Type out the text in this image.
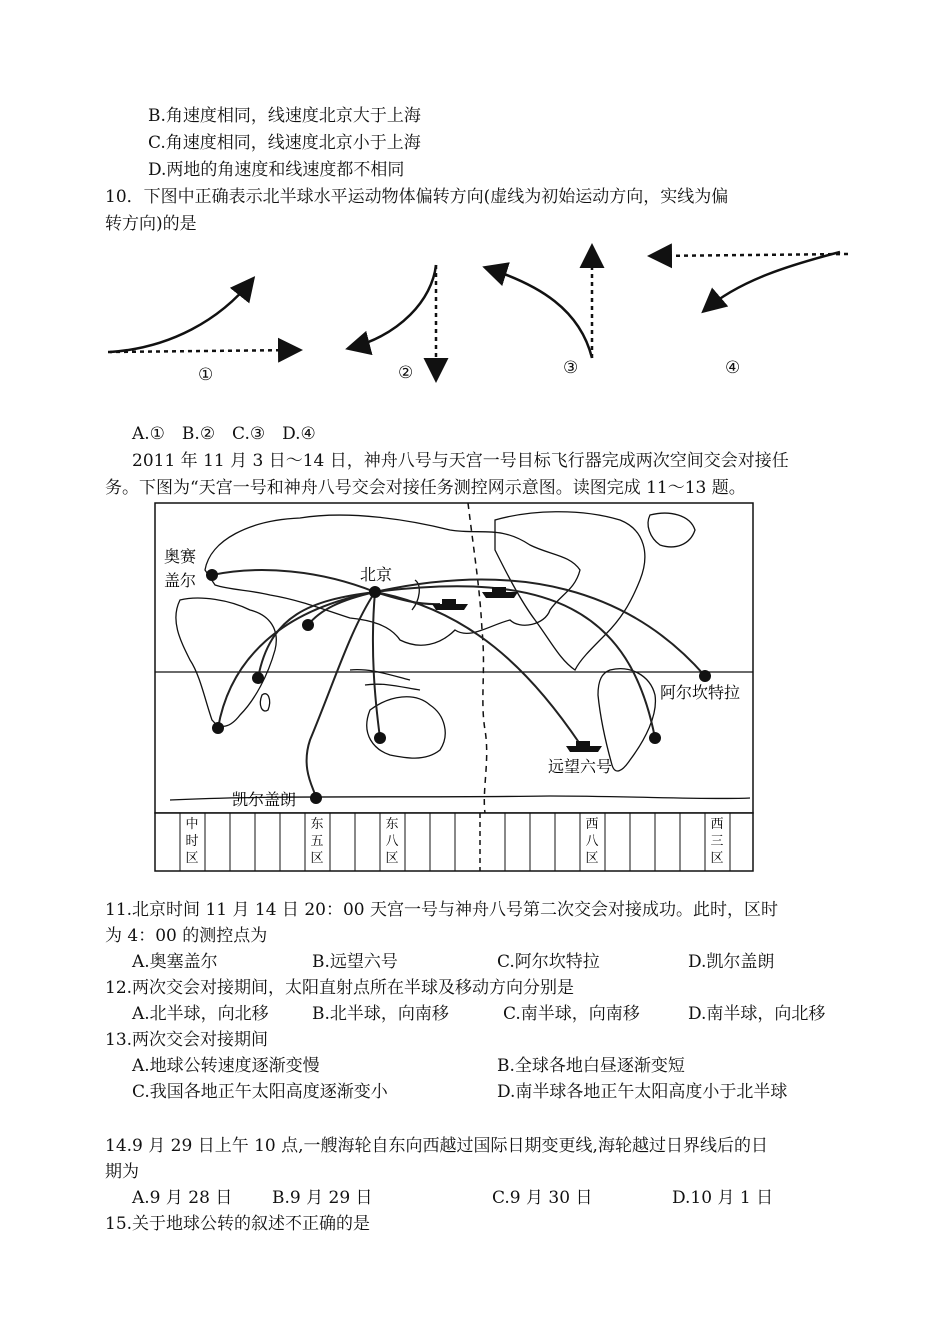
B.角速度相同，线速度北京大于上海
C.角速度相同，线速度北京小于上海
D.两地的角速度和线速度都不相同
10．下图中正确表示北半球水平运动物体偏转方向(虚线为初始运动方向，实线为偏
转方向)的是
①	②	③	④
A.①　B.②　C.③　D.④
2011 年 11 月 3 日～14 日，神舟八号与天宫一号目标飞行器完成两次空间交会对接任
务。下图为“天宫一号和神舟八号交会对接任务测控网示意图。读图完成 11～13 题。
奥赛
盖尔	北京
阿尔坎特拉
远望六号
凯尔盖朗
中
时
区
东
五
区
东
八
区
西
八
区
西
三
区
11.北京时间 11 月 14 日 20：00 天宫一号与神舟八号第二次交会对接成功。此时，区时
为 4：00 的测控点为
A.奥塞盖尔	B.远望六号	C.阿尔坎特拉	D.凯尔盖朗
12.两次交会对接期间，太阳直射点所在半球及移动方向分别是
A.北半球，向北移	B.北半球，向南移	C.南半球，向南移	D.南半球，向北移
13.两次交会对接期间
A.地球公转速度逐渐变慢	B.全球各地白昼逐渐变短
C.我国各地正午太阳高度逐渐变小	D.南半球各地正午太阳高度小于北半球
14.9 月 29 日上午 10 点,一艘海轮自东向西越过国际日期变更线,海轮越过日界线后的日
期为
A.9 月 28 日 B.9 月 29 日	C.9 月 30 日	D.10 月 1 日
15.关于地球公转的叙述不正确的是
